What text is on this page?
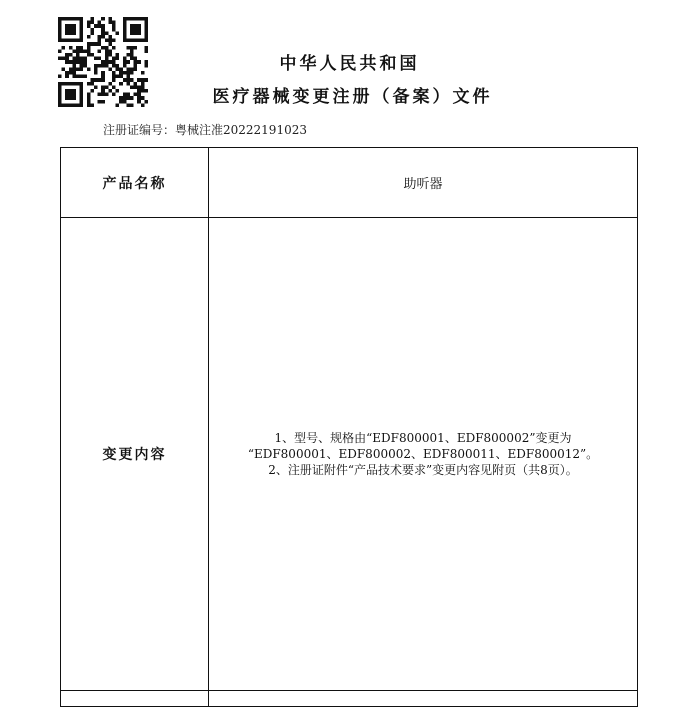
中华人民共和国
医疗器械变更注册（备案）文件
注册证编号：粤械注准20222191023
产品名称	助听器
变更内容	1、型号、规格由“EDF800001、EDF800002”变更为
“EDF800001、EDF800002、EDF800011、EDF800012”。
2、注册证附件“产品技术要求”变更内容见附页（共8页）。
